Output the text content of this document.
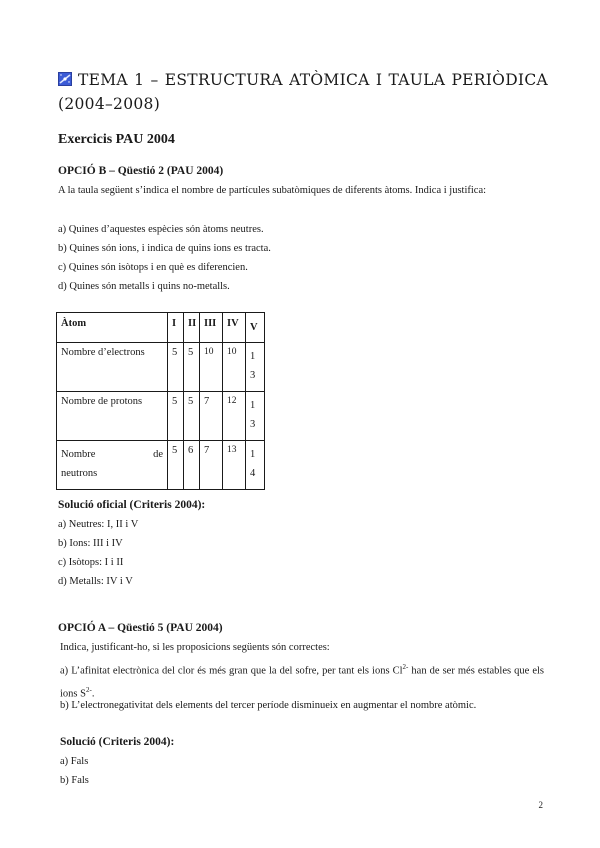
TEMA 1 – ESTRUCTURA ATÒMICA I TAULA PERIÒDICA (2004–2008)
Exercicis PAU 2004
OPCIÓ B – Qüestió 2 (PAU 2004)

A la taula següent s’indica el nombre de partícules subatòmiques de diferents àtoms. Indica i justifica:

a) Quines d’aquestes espècies són àtoms neutres.

b) Quines són ions, i indica de quins ions es tracta.

c) Quines són isòtops i en què es diferencien.

d) Quines són metalls i quins no-metalls.

Àtom	I	II	III	IV	V
Nombre d’electrons	5	5	10	10	13
Nombre de protons	5	5	7	12	13

Nombre de
neutrons	5	6	7	13	14
Solució oficial (Criteris 2004):

a) Neutres: I, II i V

b) Ions: III i IV

c) Isòtops: I i II

d) Metalls: IV i V

OPCIÓ A – Qüestió 5 (PAU 2004)
Indica, justificant-ho, si les proposicions següents són correctes:

a) L’afinitat electrònica del clor és més gran que la del sofre, per tant els ions $Cl^{2-}$ han de ser més estables que els ions $S^{2-}$.

b) L’electronegativitat dels elements del tercer període disminueix en augmentar el nombre atòmic.

Solució (Criteris 2004):

a) Fals

b) Fals

2
